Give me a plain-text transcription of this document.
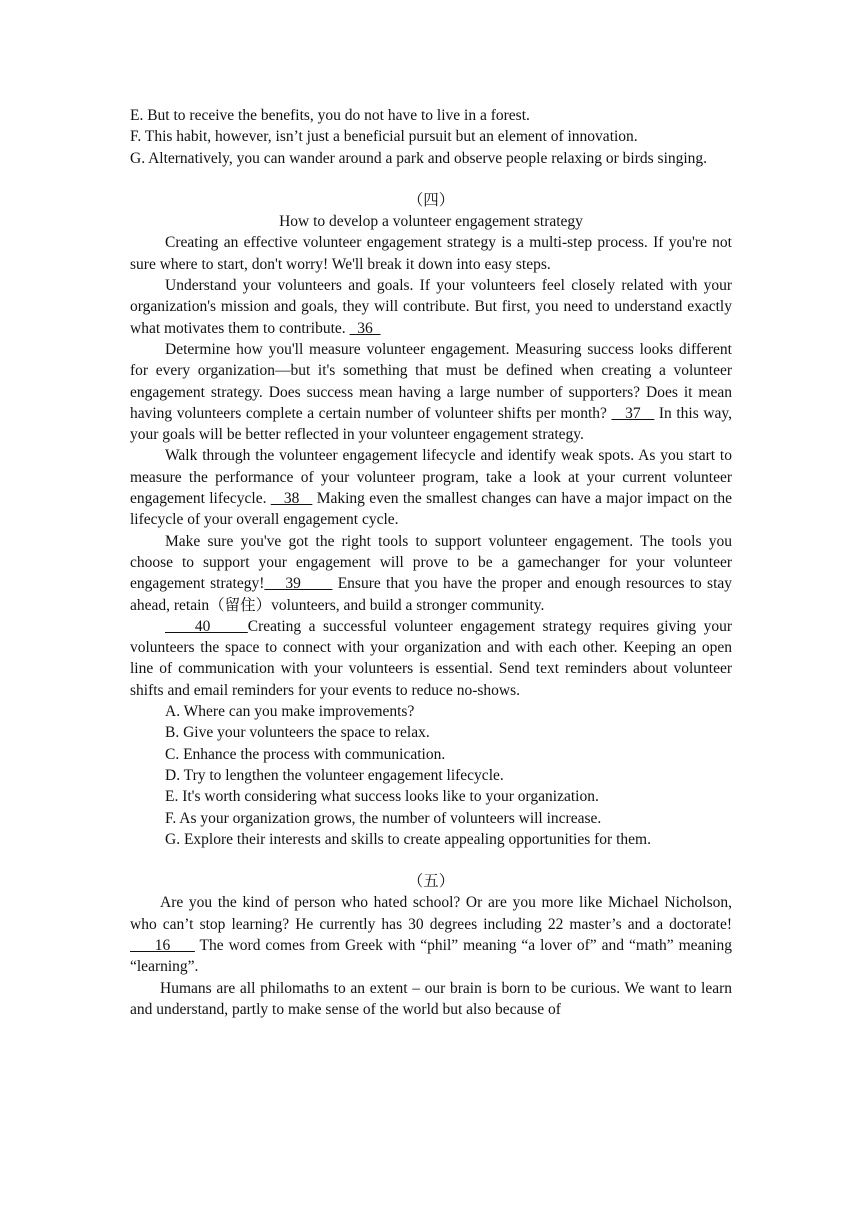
E. But to receive the benefits, you do not have to live in a forest.

F. This habit, however, isn’t just a beneficial pursuit but an element of innovation.

G. Alternatively, you can wander around a park and observe people relaxing or birds singing.

（四）

How to develop a volunteer engagement strategy

Creating an effective volunteer engagement strategy is a multi-step process. If you're not sure where to start, don't worry! We'll break it down into easy steps.

Understand your volunteers and goals. If your volunteers feel closely related with your organization's mission and goals, they will contribute. But first, you need to understand exactly what motivates them to contribute.   36

Determine how you'll measure volunteer engagement. Measuring success looks different for every organization—but it's something that must be defined when creating a volunteer engagement strategy. Does success mean having a large number of supporters? Does it mean having volunteers complete a certain number of volunteer shifts per month?    37    In this way, your goals will be better reflected in your volunteer engagement strategy.

Walk through the volunteer engagement lifecycle and identify weak spots. As you start to measure the performance of your volunteer program, take a look at your current volunteer engagement lifecycle.    38    Making even the smallest changes can have a major impact on the lifecycle of your overall engagement cycle.

Make sure you've got the right tools to support volunteer engagement. The tools you choose to support your engagement will prove to be a gamechanger for your volunteer engagement strategy!    39       Ensure that you have the proper and enough resources to stay ahead, retain（留住）volunteers, and build a stronger community.

40     Creating a successful volunteer engagement strategy requires giving your volunteers the space to connect with your organization and with each other. Keeping an open line of communication with your volunteers is essential. Send text reminders about volunteer shifts and email reminders for your events to reduce no-shows.

A. Where can you make improvements?

B. Give your volunteers the space to relax.

C. Enhance the process with communication.

D. Try to lengthen the volunteer engagement lifecycle.

E. It's worth considering what success looks like to your organization.

F. As your organization grows, the number of volunteers will increase.

G. Explore their interests and skills to create appealing opportunities for them.

（五）

Are you the kind of person who hated school? Or are you more like Michael Nicholson, who can’t stop learning? He currently has 30 degrees including 22 master’s and a doctorate!      16      The word comes from Greek with “phil” meaning “a lover of” and “math” meaning “learning”.

Humans are all philomaths to an extent – our brain is born to be curious. We want to learn and understand, partly to make sense of the world but also because of
